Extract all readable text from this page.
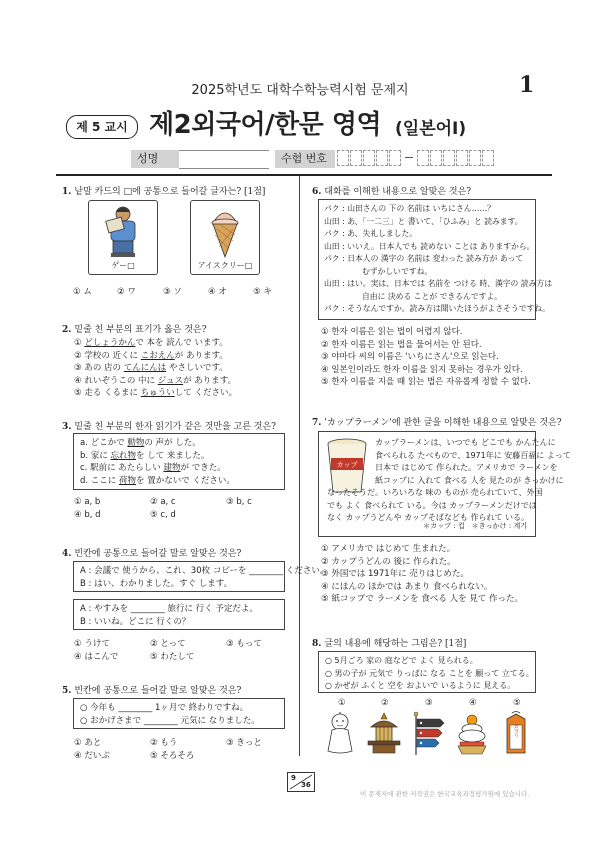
2025학년도 대학수학능력시험 문제지	1
제 5 교시 제2외국어/한문 영역 (일본어Ⅰ)
성명	수험 번호
1. 낱말 카드의 □에 공통으로 들어갈 글자는? [1점]
ゲー□	アイスクリー□
① ム	② ワ	③ ソ	④ オ	⑤ キ
2. 밑줄 친 부분의 표기가 옳은 것은?
① どしょうかんで 本を 読んで います。
② 学校の 近くに こおえんが あります。
③ あの 店の てんにんは やさしいです。
④ れいぞうこの 中に ジュスが あります。
⑤ 走る くるまに ちゅういして ください。
3. 밑줄 친 부분의 한자 읽기가 같은 것만을 고른 것은?
a. どこかで 動物の 声が した。
b. 家に 忘れ物を して 来ました。
c. 駅前に あたらしい 建物が できた。
d. ここに 荷物を 置かないで ください。
① a, b	② a, c	③ b, c
④ b, d	⑤ c, d
4. 빈칸에 공통으로 들어갈 말로 알맞은 것은?
A : 会議で 使うから、これ、30枚 コピーを ________ ください。
B : はい、わかりました。すぐ します。
A : やすみを ________ 旅行に 行く 予定だよ。
B : いいね。どこに 行くの？
① うけて	② とって	③ もって
④ はこんで	⑤ わたして
5. 빈칸에 공통으로 들어갈 말로 알맞은 것은?
○ 今年も ________ 1ヶ月で 終わりですね。
○ おかげさまで ________ 元気に なりました。
① あと	② もう	③ きっと
④ だいぶ	⑤ そろそろ
6. 대화를 이해한 내용으로 알맞은 것은?
パク : 山田さんの 下の 名前は いちにさん……？
山田 : あ、「一二三」と 書いて、「ひふみ」と 読みます。
パク : あ、失礼しました。
山田 : いいえ。日本人でも 読めない ことは ありますから。
パク : 日本人の 漢字の 名前は 変わった 読み方が あって
むずかしいですね。
山田 : はい。実は、日本では 名前を つける 時、漢字の 読み方は
自由に 決める ことが できるんですよ。
パク : そうなんですか。読み方は聞いたほうがよさそうですね。
① 한자 이름은 읽는 법이 어렵지 않다.
② 한자 이름은 읽는 법을 물어서는 안 된다.
③ 야마다 씨의 이름은 'いちにさん'으로 읽는다.
④ 일본인이라도 한자 이름을 읽지 못하는 경우가 있다.
⑤ 한자 이름을 지을 때 읽는 법은 자유롭게 정할 수 없다.
7. 'カップラーメン'에 관한 글을 이해한 내용으로 알맞은 것은?
カップ
カップラーメンは、いつでも どこでも かんたんに
食べられる たべもので、1971年に 安藤百福に よって
日本で はじめて 作られた。アメリカで ラーメンを
紙コップに 入れて 食べる 人を 見たのが きっかけに
なったそうだ。いろいろな 味の ものが 売られていて、外国
でも よく 食べられて いる。今は カップラーメンだけでは
なく カップうどんや カップそばなども 作られて いる。
＊カップ : 컵　＊きっかけ : 계기
① アメリカで はじめて 生まれた。
② カップうどんの 後に 作られた。
③ 外国では 1971年に 売りはじめた。
④ にほんの ほかでは あまり 食べられない。
⑤ 紙コップで ラーメンを 食べる 人を 見て 作った。
8. 글의 내용에 해당하는 그림은? [1점]
○ 5月ごろ 家の 庭などで よく 見られる。
○ 男の子が 元気で りっぱに なる ことを 願って 立てる。
○ かぜが ふくと 空を およいで いるように 見える。
①	②	③	④	⑤
お守り
9
36
이 문제지에 관한 저작권은 한국교육과정평가원에 있습니다.
